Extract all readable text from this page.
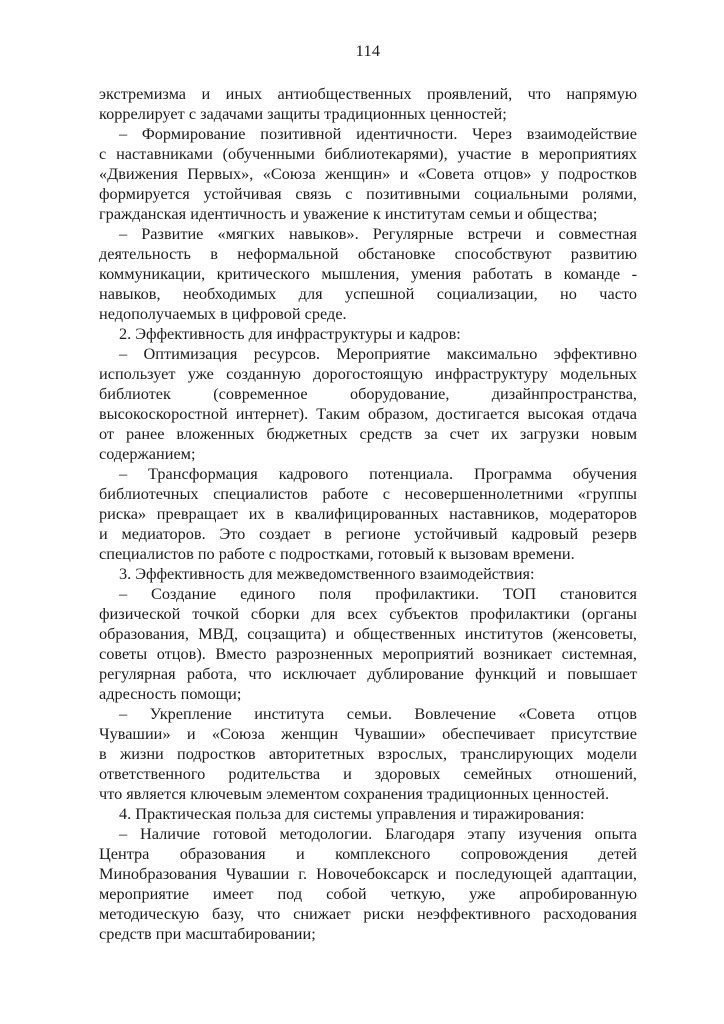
114
экстремизма и иных антиобщественных проявлений, что напрямую
коррелирует с задачами защиты традиционных ценностей;
– Формирование позитивной идентичности. Через взаимодействие
с наставниками (обученными библиотекарями), участие в мероприятиях
«Движения Первых», «Союза женщин» и «Совета отцов» у подростков
формируется устойчивая связь с позитивными социальными ролями,
гражданская идентичность и уважение к институтам семьи и общества;
– Развитие «мягких навыков». Регулярные встречи и совместная
деятельность в неформальной обстановке способствуют развитию
коммуникации, критического мышления, умения работать в команде -
навыков, необходимых для успешной социализации, но часто
недополучаемых в цифровой среде.
2. Эффективность для инфраструктуры и кадров:
– Оптимизация ресурсов. Мероприятие максимально эффективно
использует уже созданную дорогостоящую инфраструктуру модельных
библиотек (современное оборудование, дизайнпространства,
высокоскоростной интернет). Таким образом, достигается высокая отдача
от ранее вложенных бюджетных средств за счет их загрузки новым
содержанием;
– Трансформация кадрового потенциала. Программа обучения
библиотечных специалистов работе с несовершеннолетними «группы
риска» превращает их в квалифицированных наставников, модераторов
и медиаторов. Это создает в регионе устойчивый кадровый резерв
специалистов по работе с подростками, готовый к вызовам времени.
3. Эффективность для межведомственного взаимодействия:
– Создание единого поля профилактики. ТОП становится
физической точкой сборки для всех субъектов профилактики (органы
образования, МВД, соцзащита) и общественных институтов (женсоветы,
советы отцов). Вместо разрозненных мероприятий возникает системная,
регулярная работа, что исключает дублирование функций и повышает
адресность помощи;
– Укрепление института семьи. Вовлечение «Совета отцов
Чувашии» и «Союза женщин Чувашии» обеспечивает присутствие
в жизни подростков авторитетных взрослых, транслирующих модели
ответственного родительства и здоровых семейных отношений,
что является ключевым элементом сохранения традиционных ценностей.
4. Практическая польза для системы управления и тиражирования:
– Наличие готовой методологии. Благодаря этапу изучения опыта
Центра образования и комплексного сопровождения детей
Минобразования Чувашии г. Новочебоксарск и последующей адаптации,
мероприятие имеет под собой четкую, уже апробированную
методическую базу, что снижает риски неэффективного расходования
средств при масштабировании;
